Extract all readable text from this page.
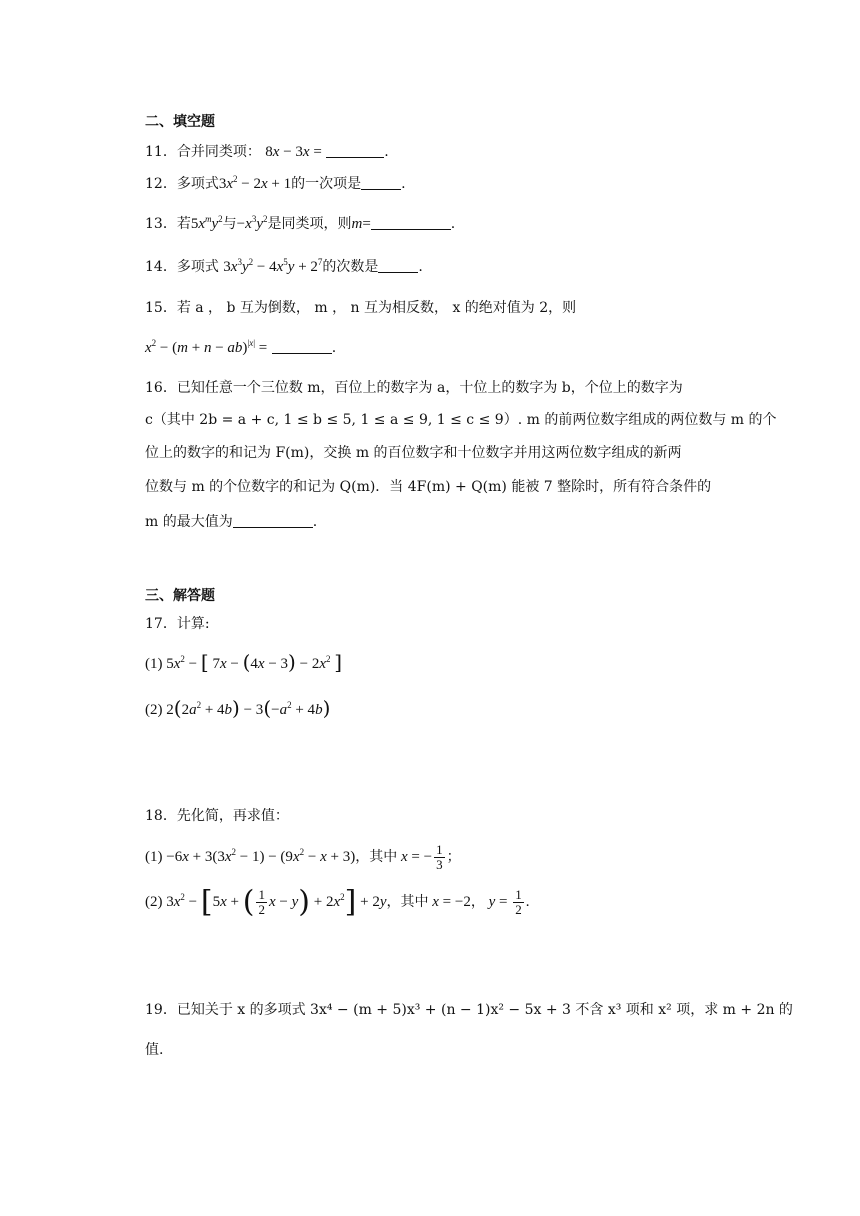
二、填空题
11．合并同类项： 8x − 3x =	.
12．多项式$3x^2 - 2x + 1$的一次项是	.
13．若$5x^my^2$与$-x^3y^2$是同类项，则m=	.
14．多项式 $3x^3y^2 - 4x^5y + 2^7$的次数是	.
15．若 a ， b 互为倒数， m ， n 互为相反数， x 的绝对值为 2，则
$x^2 - (m + n - ab)^{|x|}$ =	.
16．已知任意一个三位数 m，百位上的数字为 a，十位上的数字为 b，个位上的数字为
c（其中 2b = a + c, 1 ≤ b ≤ 5, 1 ≤ a ≤ 9, 1 ≤ c ≤ 9）. m 的前两位数字组成的两位数与 m 的个
位上的数字的和记为 F(m)，交换 m 的百位数字和十位数字并用这两位数字组成的新两
位数与 m 的个位数字的和记为 Q(m)．当 4F(m) + Q(m) 能被 7 整除时，所有符合条件的
m 的最大值为	.
三、解答题
17．计算:
(1) $5x^2$ − [ $7x - (4x - 3) - 2x^2$ ]
(2) $2(2a^2 + 4b) - 3(-a^2 + 4b)$
18．先化简，再求值：
$(1) -6x + 3(3x^2 - 1) - (9x^2 - x + 3)$，其中 x = − $\frac{1}{3}$ ；
(2) $3x^2 - [5x$ + ( $\frac{1}{2}$ $x - y) + 2x^2] + 2y$，其中 x = −2， $y = \frac{1}{2}$ .
19．已知关于 x 的多项式 3x⁴ − (m + 5)x³ + (n − 1)x² − 5x + 3 不含 x³ 项和 x² 项，求 m + 2n 的
值.
